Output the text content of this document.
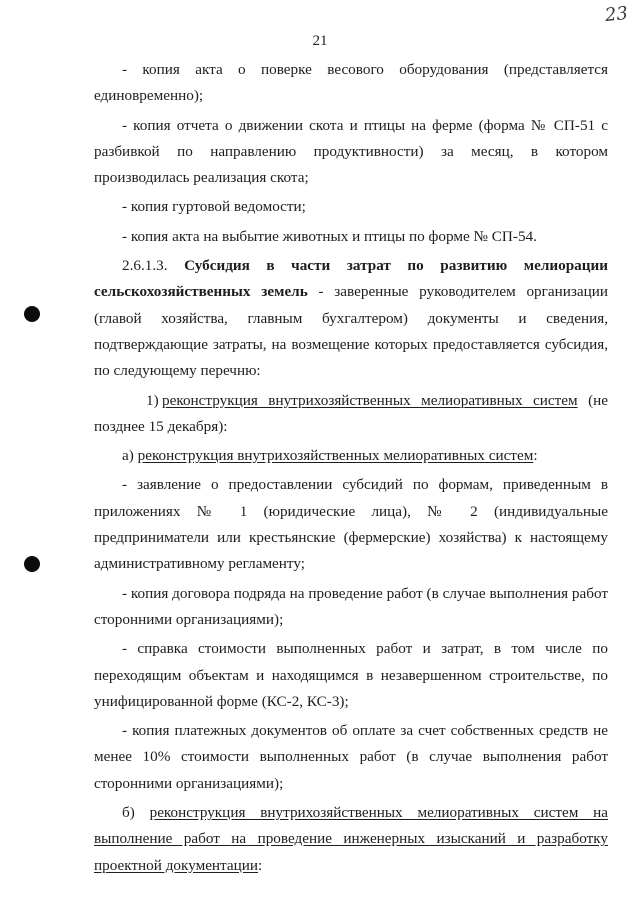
23
21

- копия акта о поверке весового оборудования (представляется единовременно);

- копия отчета о движении скота и птицы на ферме (форма № СП-51 с разбивкой по направлению продуктивности) за месяц, в котором производилась реализация скота;

- копия гуртовой ведомости;

- копия акта на выбытие животных и птицы по форме № СП-54.

2.6.1.3. Субсидия в части затрат по развитию мелиорации сельскохозяйственных земель - заверенные руководителем организации (главой хозяйства, главным бухгалтером) документы и сведения, подтверждающие затраты, на возмещение которых предоставляется субсидия, по следующему перечню:

1) реконструкция внутрихозяйственных мелиоративных систем (не позднее 15 декабря):

а) реконструкция внутрихозяйственных мелиоративных систем:

- заявление о предоставлении субсидий по формам, приведенным в приложениях № 1 (юридические лица), № 2 (индивидуальные предприниматели или крестьянские (фермерские) хозяйства) к настоящему административному регламенту;

- копия договора подряда на проведение работ (в случае выполнения работ сторонними организациями);

- справка стоимости выполненных работ и затрат, в том числе по переходящим объектам и находящимся в незавершенном строительстве, по унифицированной форме (КС-2, КС-3);

- копия платежных документов об оплате за счет собственных средств не менее 10% стоимости выполненных работ (в случае выполнения работ сторонними организациями);

б) реконструкция внутрихозяйственных мелиоративных систем на выполнение работ на проведение инженерных изысканий и разработку проектной документации:
